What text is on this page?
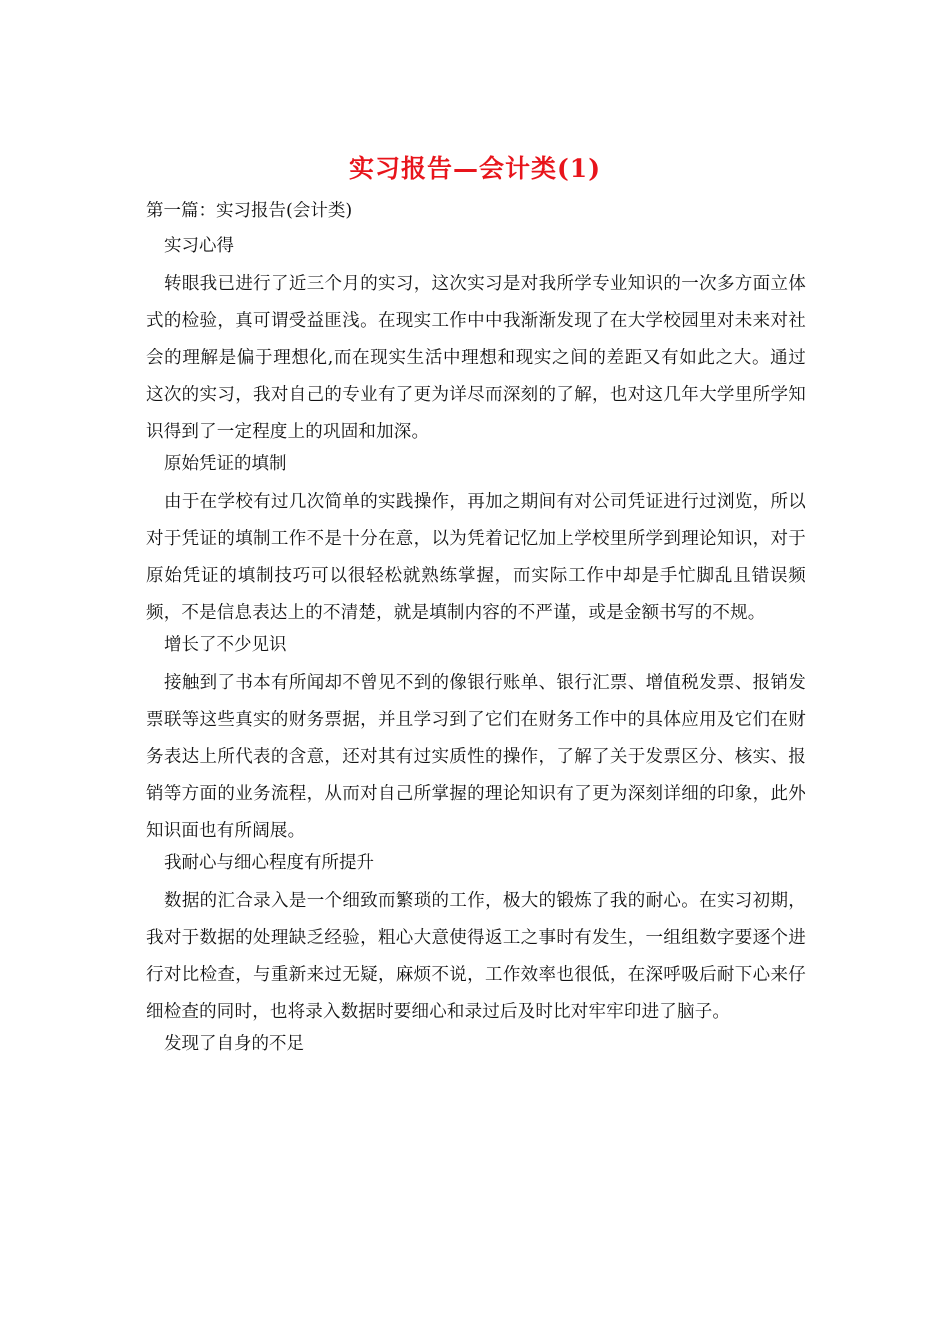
实习报告—会计类(1)
第一篇：实习报告(会计类)
实习心得
转眼我已进行了近三个月的实习，这次实习是对我所学专业知识的一次多方面立体式的检验，真可谓受益匪浅。在现实工作中中我渐渐发现了在大学校园里对未来对社会的理解是偏于理想化,而在现实生活中理想和现实之间的差距又有如此之大。通过这次的实习，我对自己的专业有了更为详尽而深刻的了解，也对这几年大学里所学知识得到了一定程度上的巩固和加深。
原始凭证的填制
由于在学校有过几次简单的实践操作，再加之期间有对公司凭证进行过浏览，所以对于凭证的填制工作不是十分在意，以为凭着记忆加上学校里所学到理论知识，对于原始凭证的填制技巧可以很轻松就熟练掌握，而实际工作中却是手忙脚乱且错误频频，不是信息表达上的不清楚，就是填制内容的不严谨，或是金额书写的不规。
增长了不少见识
接触到了书本有所闻却不曾见不到的像银行账单、银行汇票、增值税发票、报销发票联等这些真实的财务票据，并且学习到了它们在财务工作中的具体应用及它们在财务表达上所代表的含意，还对其有过实质性的操作，了解了关于发票区分、核实、报销等方面的业务流程，从而对自己所掌握的理论知识有了更为深刻详细的印象，此外知识面也有所阔展。
我耐心与细心程度有所提升
数据的汇合录入是一个细致而繁琐的工作，极大的锻炼了我的耐心。在实习初期，我对于数据的处理缺乏经验，粗心大意使得返工之事时有发生，一组组数字要逐个进行对比检查，与重新来过无疑，麻烦不说，工作效率也很低，在深呼吸后耐下心来仔细检查的同时，也将录入数据时要细心和录过后及时比对牢牢印进了脑子。
发现了自身的不足
